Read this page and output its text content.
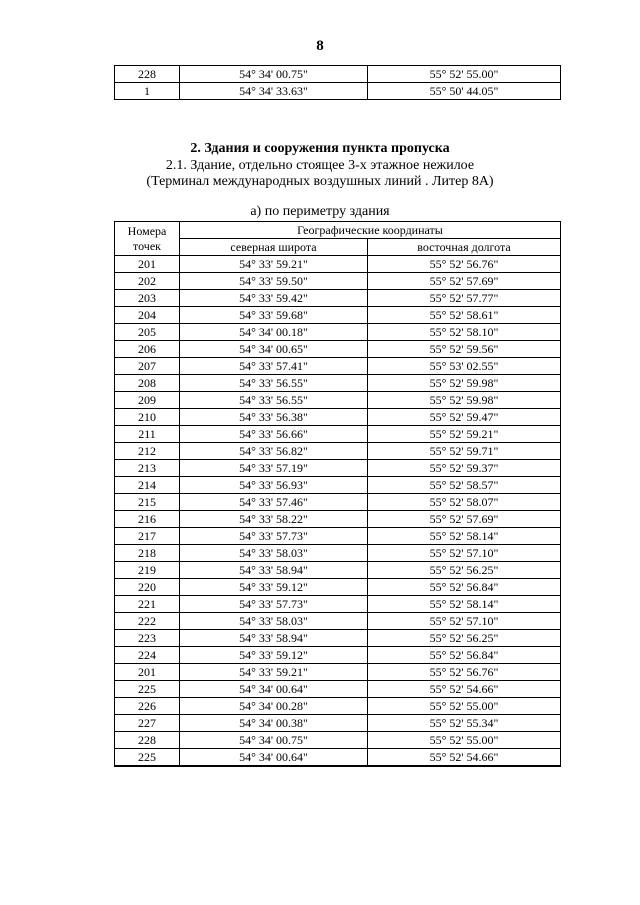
8
228	54° 34' 00.75"	55° 52' 55.00"
1	54° 34' 33.63"	55° 50' 44.05"
2. Здания и сооружения пункта пропуска
2.1. Здание, отдельно стоящее 3-х этажное нежилое
(Терминал международных воздушных линий . Литер 8А)
а) по периметру здания
Номера
точек	Географические координаты	
	северная широта	восточная долгота
201	54° 33' 59.21"	55° 52' 56.76"
202	54° 33' 59.50"	55° 52' 57.69"
203	54° 33' 59.42"	55° 52' 57.77"
204	54° 33' 59.68"	55° 52' 58.61"
205	54° 34' 00.18"	55° 52' 58.10"
206	54° 34' 00.65"	55° 52' 59.56"
207	54° 33' 57.41"	55° 53' 02.55"
208	54° 33' 56.55"	55° 52' 59.98"
209	54° 33' 56.55"	55° 52' 59.98"
210	54° 33' 56.38"	55° 52' 59.47"
211	54° 33' 56.66"	55° 52' 59.21"
212	54° 33' 56.82"	55° 52' 59.71"
213	54° 33' 57.19"	55° 52' 59.37"
214	54° 33' 56.93"	55° 52' 58.57"
215	54° 33' 57.46"	55° 52' 58.07"
216	54° 33' 58.22"	55° 52' 57.69"
217	54° 33' 57.73"	55° 52' 58.14"
218	54° 33' 58.03"	55° 52' 57.10"
219	54° 33' 58.94"	55° 52' 56.25"
220	54° 33' 59.12"	55° 52' 56.84"
221	54° 33' 57.73"	55° 52' 58.14"
222	54° 33' 58.03"	55° 52' 57.10"
223	54° 33' 58.94"	55° 52' 56.25"
224	54° 33' 59.12"	55° 52' 56.84"
201	54° 33' 59.21"	55° 52' 56.76"
225	54° 34' 00.64"	55° 52' 54.66"
226	54° 34' 00.28"	55° 52' 55.00"
227	54° 34' 00.38"	55° 52' 55.34"
228	54° 34' 00.75"	55° 52' 55.00"
225	54° 34' 00.64"	55° 52' 54.66"
